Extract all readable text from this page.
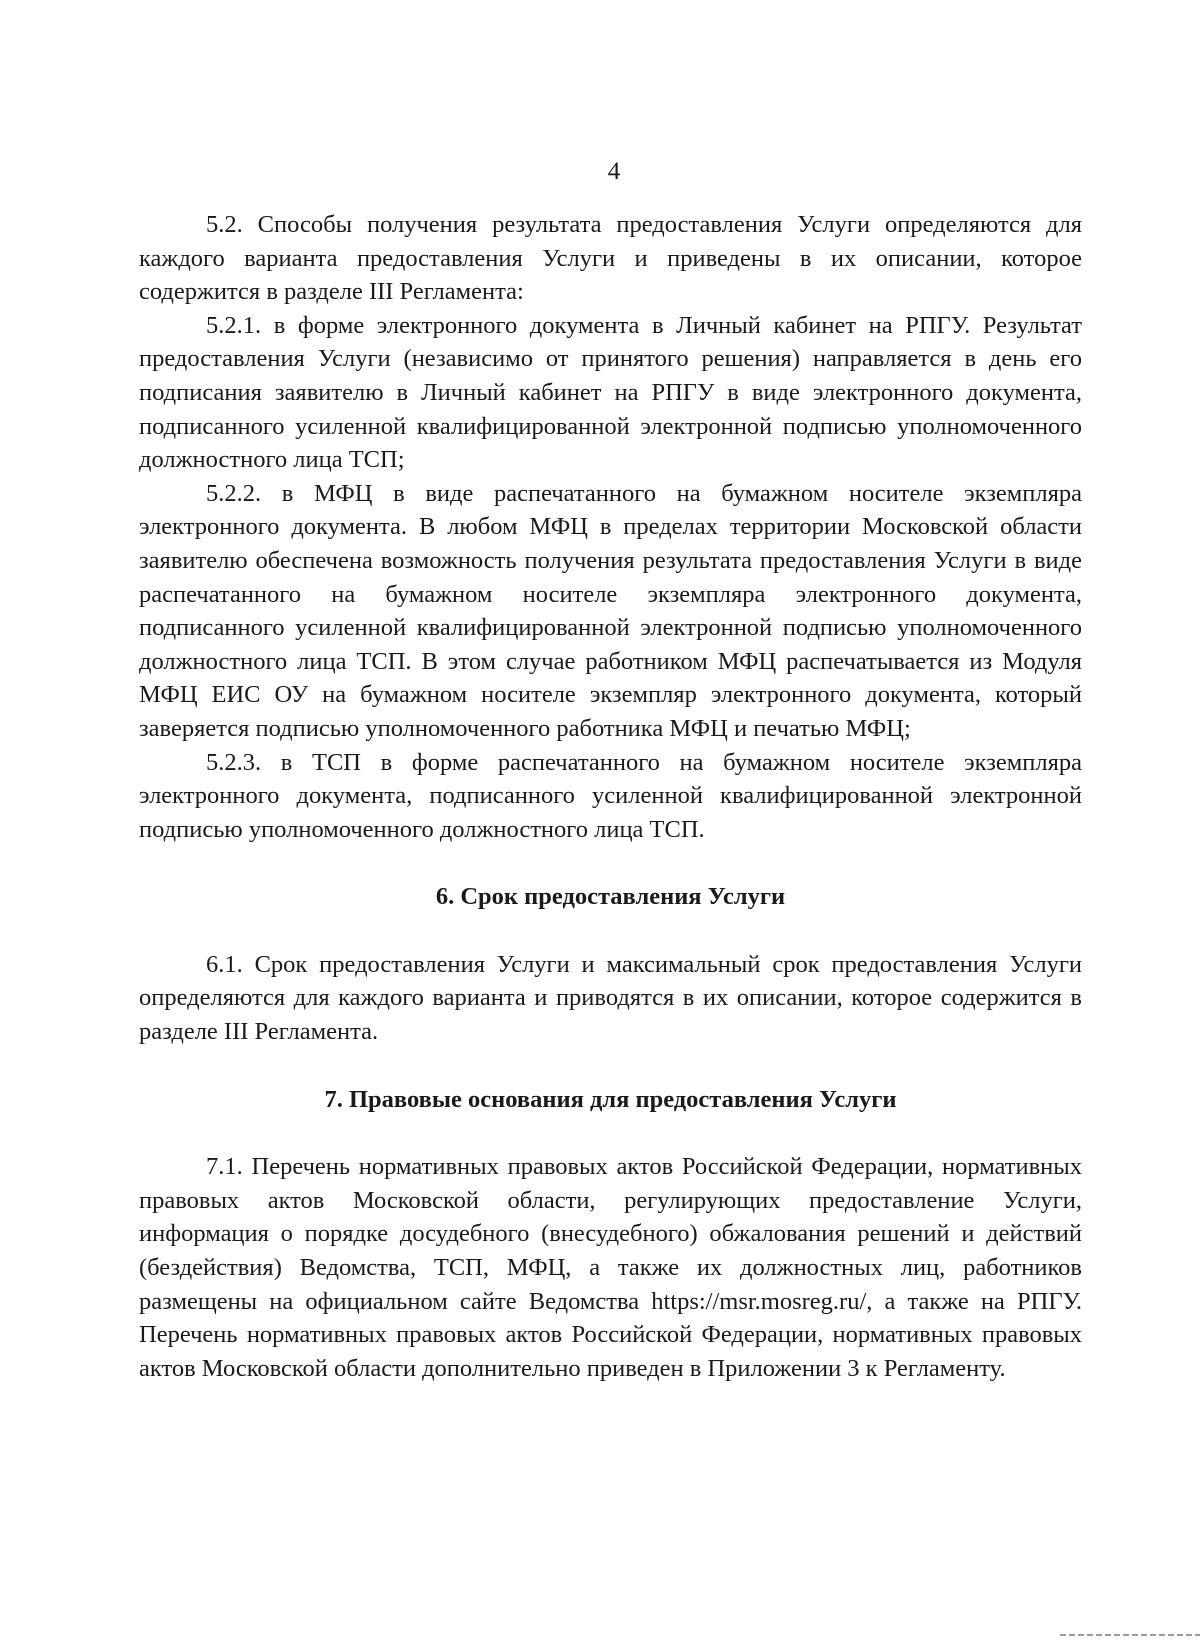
4

5.2. Способы получения результата предоставления Услуги определяются для каждого варианта предоставления Услуги и приведены в их описании, которое содержится в разделе III Регламента:

5.2.1. в форме электронного документа в Личный кабинет на РПГУ. Результат предоставления Услуги (независимо от принятого решения) направляется в день его подписания заявителю в Личный кабинет на РПГУ в виде электронного документа, подписанного усиленной квалифицированной электронной подписью уполномоченного должностного лица ТСП;

5.2.2. в МФЦ в виде распечатанного на бумажном носителе экземпляра электронного документа. В любом МФЦ в пределах территории Московской области заявителю обеспечена возможность получения результата предоставления Услуги в виде распечатанного на бумажном носителе экземпляра электронного документа, подписанного усиленной квалифицированной электронной подписью уполномоченного должностного лица ТСП. В этом случае работником МФЦ распечатывается из Модуля МФЦ ЕИС ОУ на бумажном носителе экземпляр электронного документа, который заверяется подписью уполномоченного работника МФЦ и печатью МФЦ;

5.2.3. в ТСП в форме распечатанного на бумажном носителе экземпляра электронного документа, подписанного усиленной квалифицированной электронной подписью уполномоченного должностного лица ТСП.

6. Срок предоставления Услуги

6.1. Срок предоставления Услуги и максимальный срок предоставления Услуги определяются для каждого варианта и приводятся в их описании, которое содержится в разделе III Регламента.

7. Правовые основания для предоставления Услуги

7.1. Перечень нормативных правовых актов Российской Федерации, нормативных правовых актов Московской области, регулирующих предоставление Услуги, информация о порядке досудебного (внесудебного) обжалования решений и действий (бездействия) Ведомства, ТСП, МФЦ, а также их должностных лиц, работников размещены на официальном сайте Ведомства https://msr.mosreg.ru/, а также на РПГУ. Перечень нормативных правовых актов Российской Федерации, нормативных правовых актов Московской области дополнительно приведен в Приложении 3 к Регламенту.
